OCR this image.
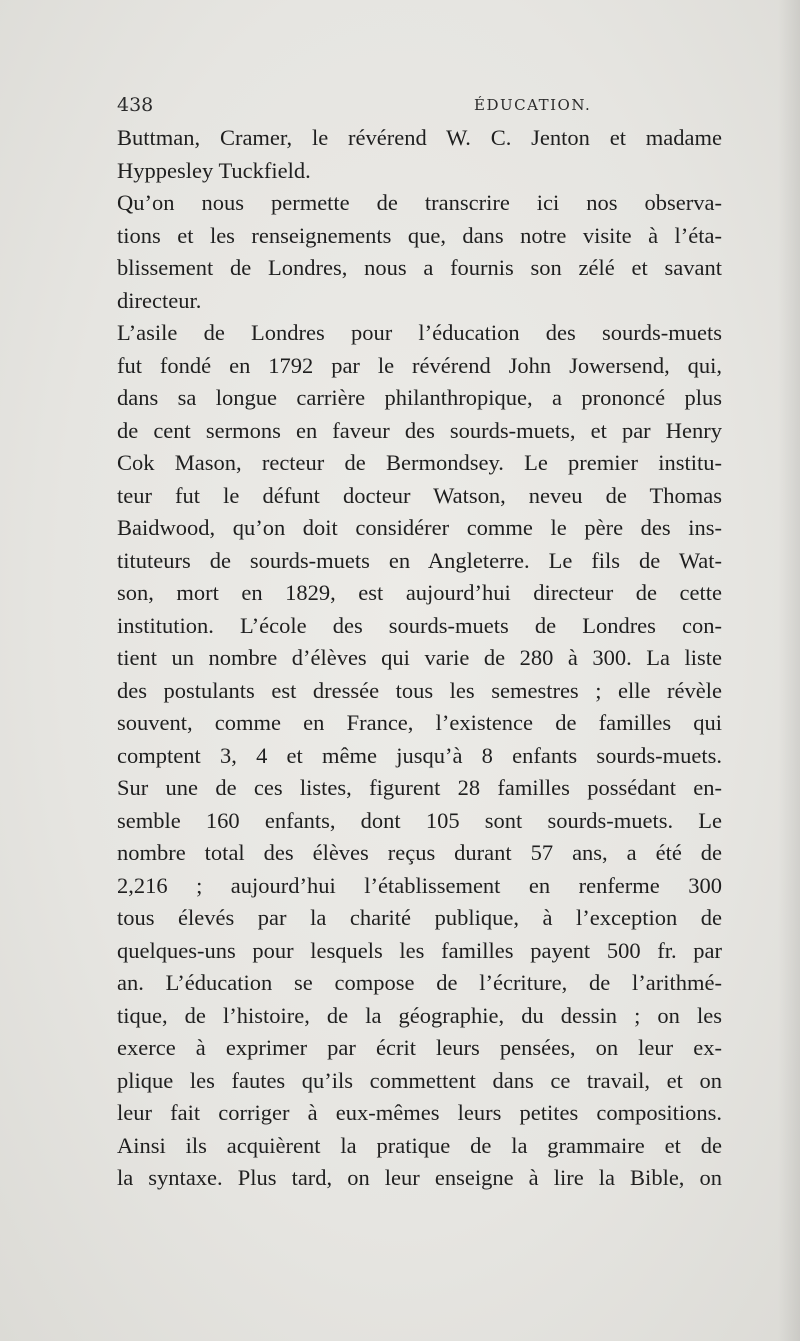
438	ÉDUCATION.
Buttman, Cramer, le révérend W. C. Jenton et madame
Hyppesley Tuckfield.
Qu’on nous permette de transcrire ici nos observa-
tions et les renseignements que, dans notre visite à l’éta-
blissement de Londres, nous a fournis son zélé et savant
directeur.
L’asile de Londres pour l’éducation des sourds-muets
fut fondé en 1792 par le révérend John Jowersend, qui,
dans sa longue carrière philanthropique, a prononcé plus
de cent sermons en faveur des sourds-muets, et par Henry
Cok Mason, recteur de Bermondsey. Le premier institu-
teur fut le défunt docteur Watson, neveu de Thomas
Baidwood, qu’on doit considérer comme le père des ins-
tituteurs de sourds-muets en Angleterre. Le fils de Wat-
son, mort en 1829, est aujourd’hui directeur de cette
institution. L’école des sourds-muets de Londres con-
tient un nombre d’élèves qui varie de 280 à 300. La liste
des postulants est dressée tous les semestres ; elle révèle
souvent, comme en France, l’existence de familles qui
comptent 3, 4 et même jusqu’à 8 enfants sourds-muets.
Sur une de ces listes, figurent 28 familles possédant en-
semble 160 enfants, dont 105 sont sourds-muets. Le
nombre total des élèves reçus durant 57 ans, a été de
2,216 ; aujourd’hui l’établissement en renferme 300
tous élevés par la charité publique, à l’exception de
quelques-uns pour lesquels les familles payent 500 fr. par
an. L’éducation se compose de l’écriture, de l’arithmé-
tique, de l’histoire, de la géographie, du dessin ; on les
exerce à exprimer par écrit leurs pensées, on leur ex-
plique les fautes qu’ils commettent dans ce travail, et on
leur fait corriger à eux-mêmes leurs petites compositions.
Ainsi ils acquièrent la pratique de la grammaire et de
la syntaxe. Plus tard, on leur enseigne à lire la Bible, on
